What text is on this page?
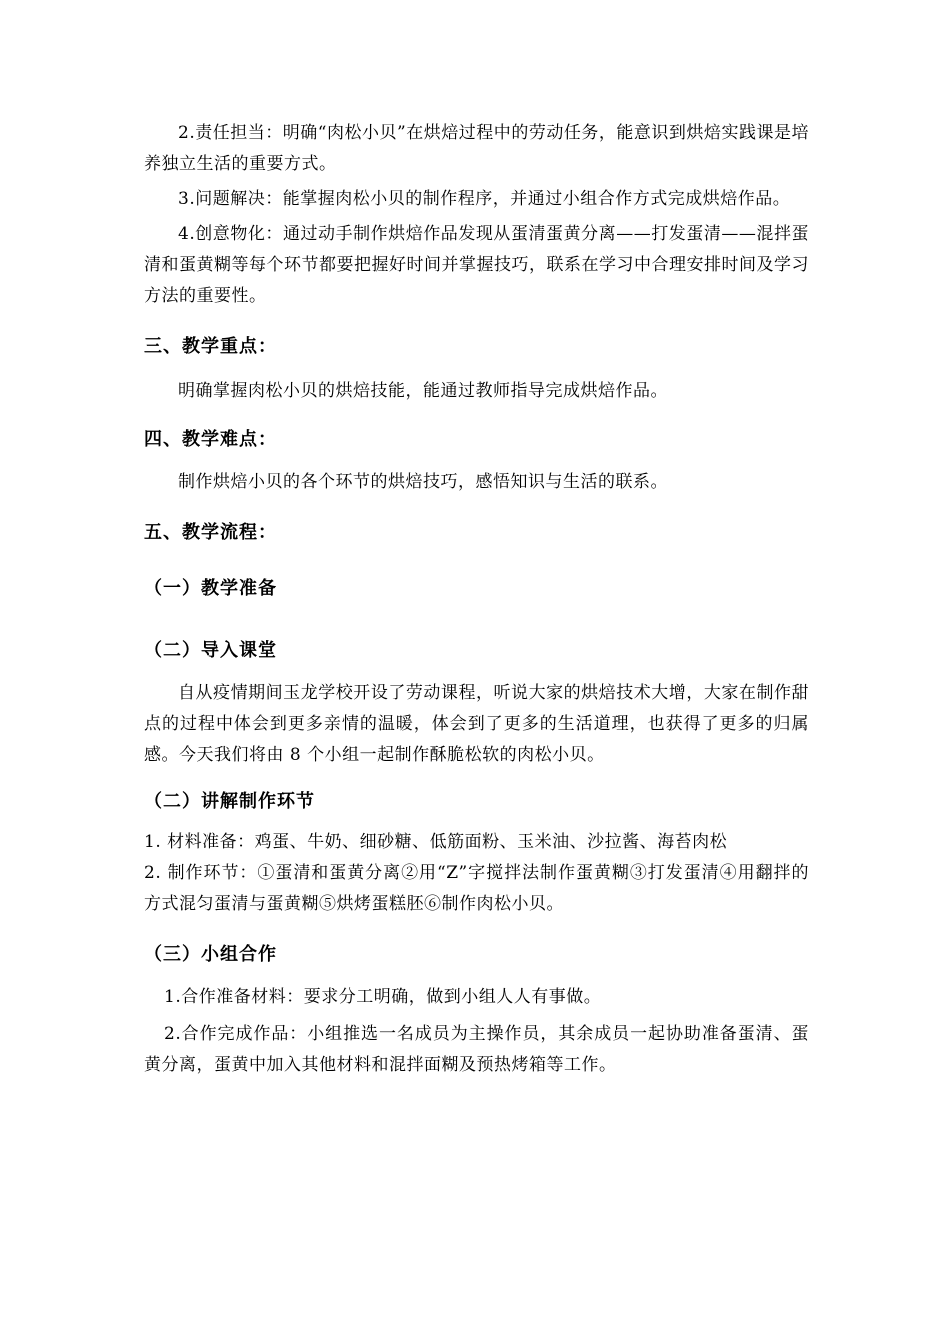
2.责任担当：明确“肉松小贝”在烘焙过程中的劳动任务，能意识到烘焙实践课是培养独立生活的重要方式。

3.问题解决：能掌握肉松小贝的制作程序，并通过小组合作方式完成烘焙作品。

4.创意物化：通过动手制作烘焙作品发现从蛋清蛋黄分离——打发蛋清——混拌蛋清和蛋黄糊等每个环节都要把握好时间并掌握技巧，联系在学习中合理安排时间及学习方法的重要性。

三、教学重点：

明确掌握肉松小贝的烘焙技能，能通过教师指导完成烘焙作品。

四、教学难点：

制作烘焙小贝的各个环节的烘焙技巧，感悟知识与生活的联系。

五、教学流程：
（一）教学准备
（二）导入课堂

自从疫情期间玉龙学校开设了劳动课程，听说大家的烘焙技术大增，大家在制作甜点的过程中体会到更多亲情的温暖，体会到了更多的生活道理，也获得了更多的归属感。今天我们将由 8 个小组一起制作酥脆松软的肉松小贝。

（二）讲解制作环节

1. 材料准备：鸡蛋、牛奶、细砂糖、低筋面粉、玉米油、沙拉酱、海苔肉松

2. 制作环节：①蛋清和蛋黄分离②用“Z”字搅拌法制作蛋黄糊③打发蛋清④用翻拌的方式混匀蛋清与蛋黄糊⑤烘烤蛋糕胚⑥制作肉松小贝。

（三）小组合作

1.合作准备材料：要求分工明确，做到小组人人有事做。

2.合作完成作品：小组推选一名成员为主操作员，其余成员一起协助准备蛋清、蛋黄分离，蛋黄中加入其他材料和混拌面糊及预热烤箱等工作。
